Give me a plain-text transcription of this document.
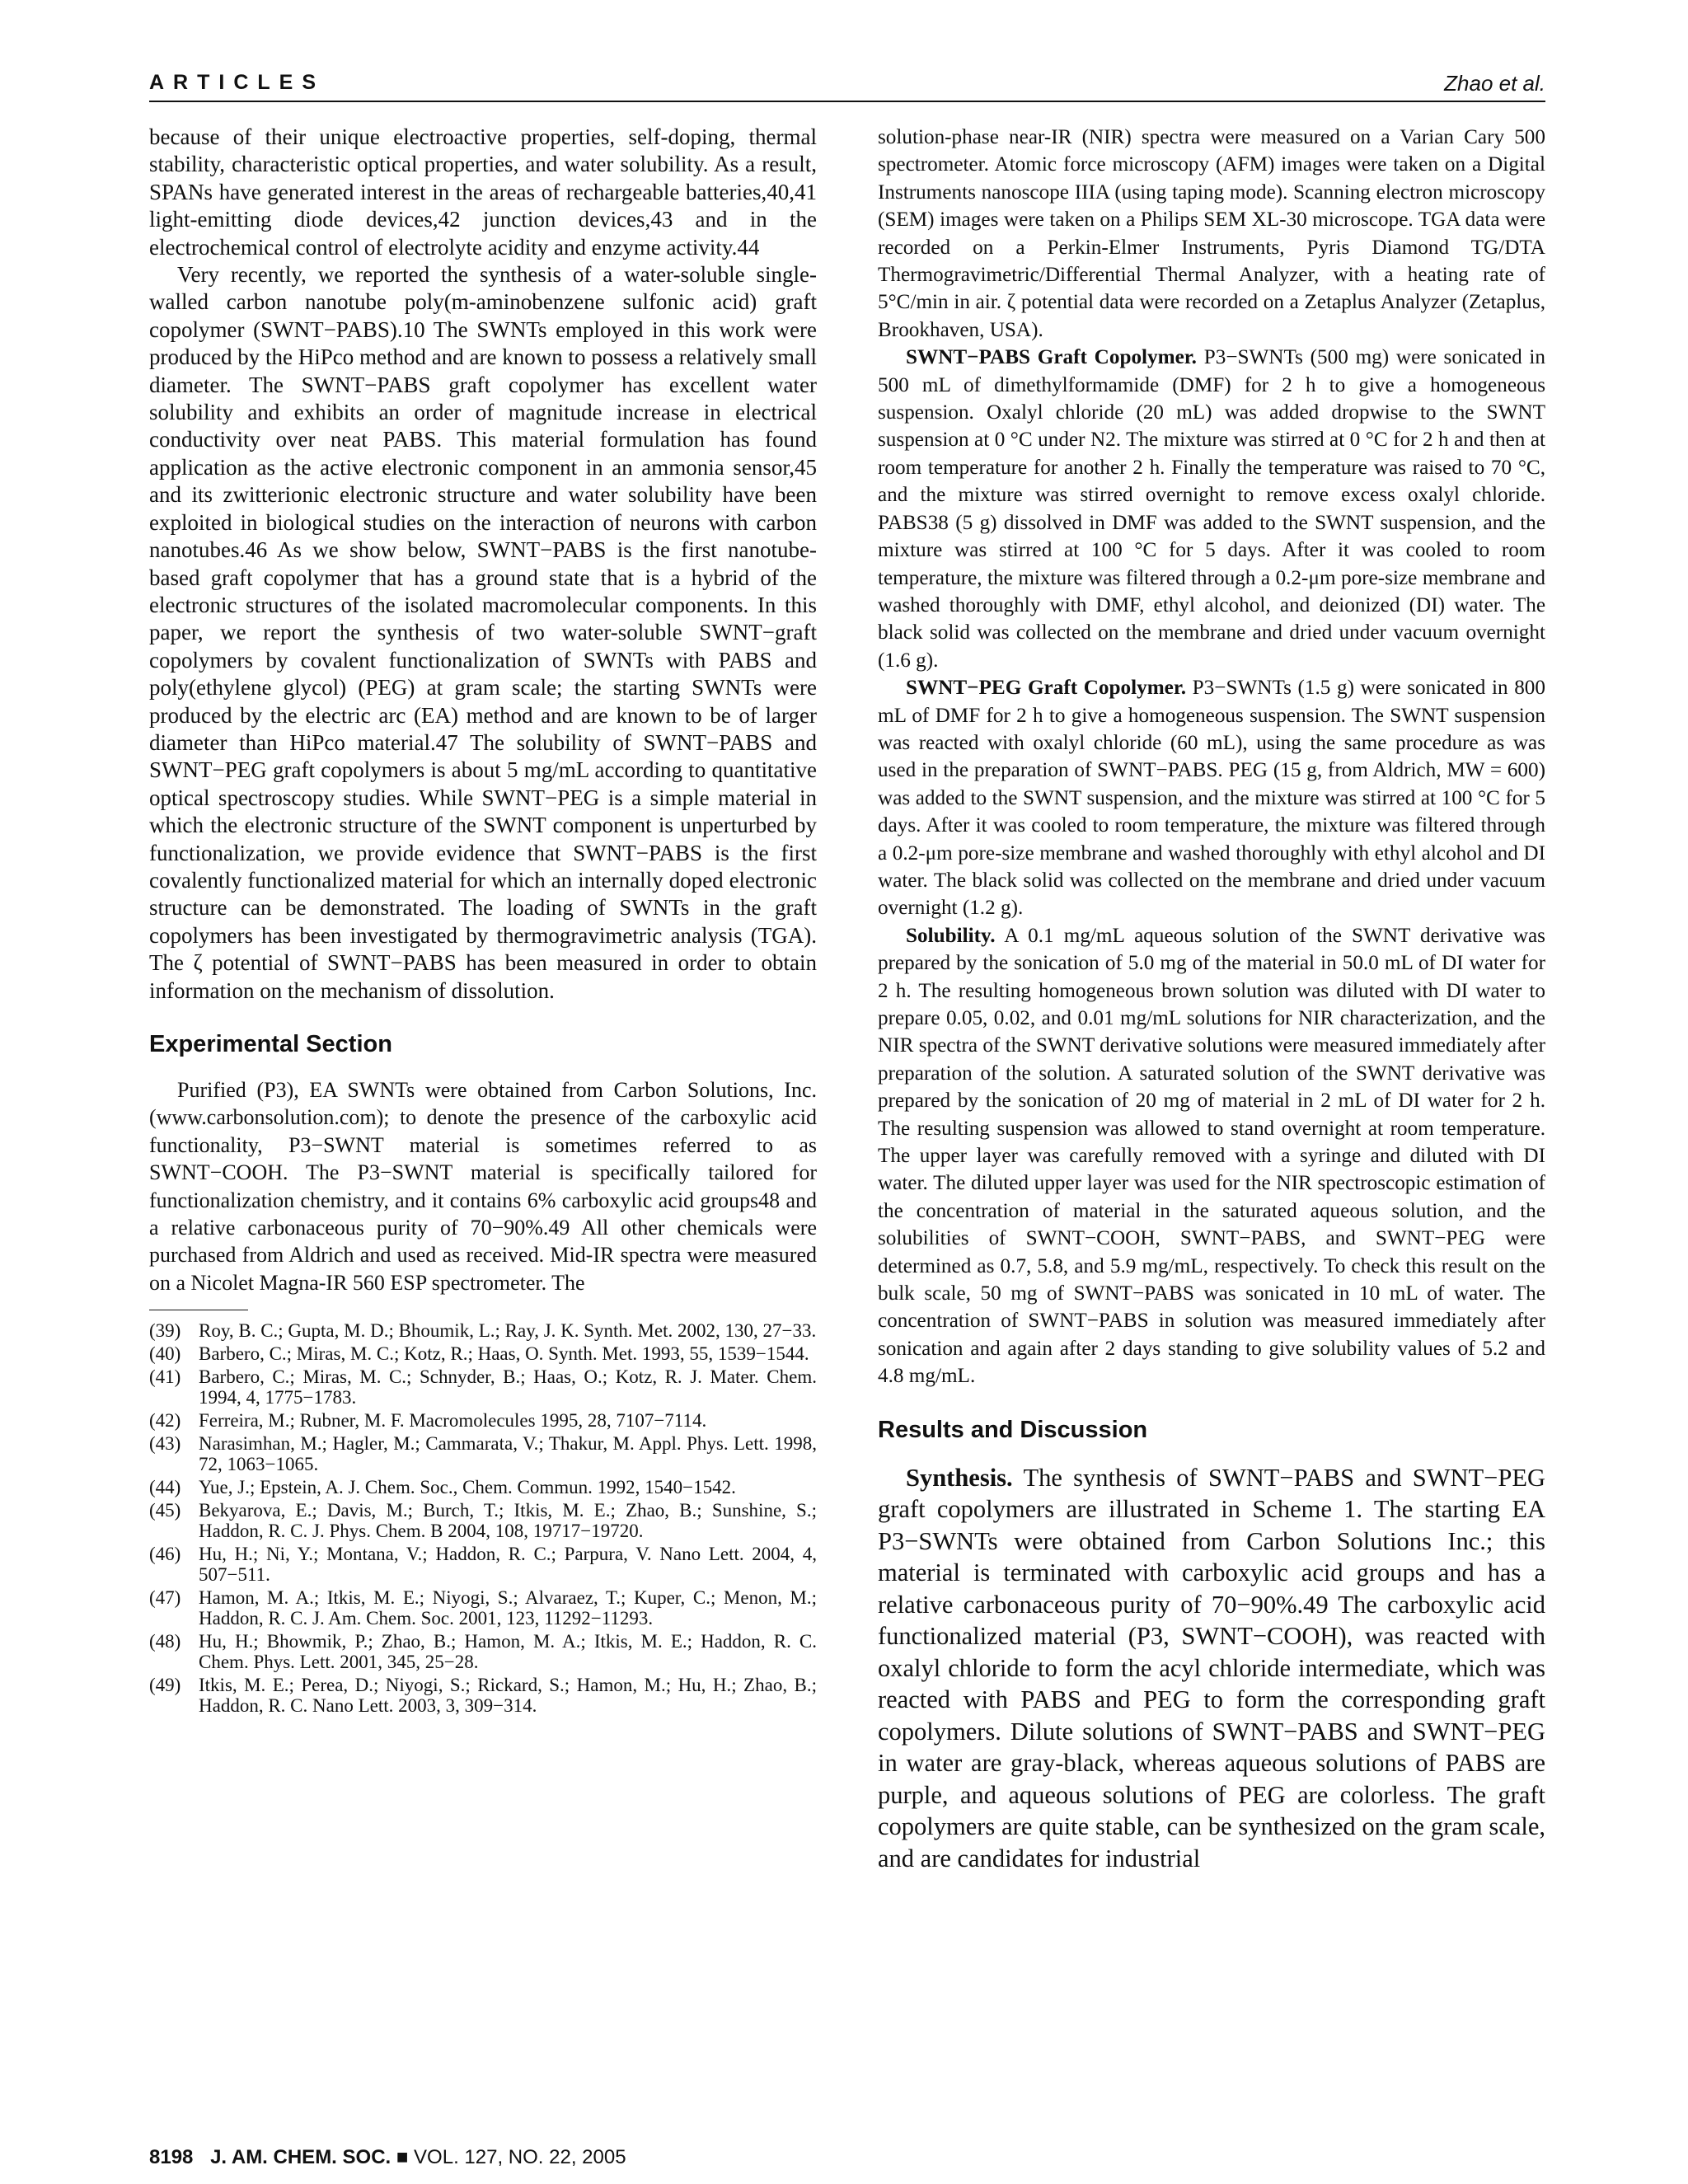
ARTICLES	Zhao et al.

because of their unique electroactive properties, self-doping, thermal stability, characteristic optical properties, and water solubility. As a result, SPANs have generated interest in the areas of rechargeable batteries,40,41 light-emitting diode devices,42 junction devices,43 and in the electrochemical control of electrolyte acidity and enzyme activity.44

Very recently, we reported the synthesis of a water-soluble single-walled carbon nanotube poly(m-aminobenzene sulfonic acid) graft copolymer (SWNT−PABS).10 The SWNTs employed in this work were produced by the HiPco method and are known to possess a relatively small diameter. The SWNT−PABS graft copolymer has excellent water solubility and exhibits an order of magnitude increase in electrical conductivity over neat PABS. This material formulation has found application as the active electronic component in an ammonia sensor,45 and its zwitterionic electronic structure and water solubility have been exploited in biological studies on the interaction of neurons with carbon nanotubes.46 As we show below, SWNT−PABS is the first nanotube-based graft copolymer that has a ground state that is a hybrid of the electronic structures of the isolated macromolecular components. In this paper, we report the synthesis of two water-soluble SWNT−graft copolymers by covalent functionalization of SWNTs with PABS and poly(ethylene glycol) (PEG) at gram scale; the starting SWNTs were produced by the electric arc (EA) method and are known to be of larger diameter than HiPco material.47 The solubility of SWNT−PABS and SWNT−PEG graft copolymers is about 5 mg/mL according to quantitative optical spectroscopy studies. While SWNT−PEG is a simple material in which the electronic structure of the SWNT component is unperturbed by functionalization, we provide evidence that SWNT−PABS is the first covalently functionalized material for which an internally doped electronic structure can be demonstrated. The loading of SWNTs in the graft copolymers has been investigated by thermogravimetric analysis (TGA). The ζ potential of SWNT−PABS has been measured in order to obtain information on the mechanism of dissolution.

Experimental Section

Purified (P3), EA SWNTs were obtained from Carbon Solutions, Inc. (www.carbonsolution.com); to denote the presence of the carboxylic acid functionality, P3−SWNT material is sometimes referred to as SWNT−COOH. The P3−SWNT material is specifically tailored for functionalization chemistry, and it contains 6% carboxylic acid groups48 and a relative carbonaceous purity of 70−90%.49 All other chemicals were purchased from Aldrich and used as received. Mid-IR spectra were measured on a Nicolet Magna-IR 560 ESP spectrometer. The

(39) Roy, B. C.; Gupta, M. D.; Bhoumik, L.; Ray, J. K. Synth. Met. 2002, 130, 27−33.
(40) Barbero, C.; Miras, M. C.; Kotz, R.; Haas, O. Synth. Met. 1993, 55, 1539−1544.
(41) Barbero, C.; Miras, M. C.; Schnyder, B.; Haas, O.; Kotz, R. J. Mater. Chem. 1994, 4, 1775−1783.
(42) Ferreira, M.; Rubner, M. F. Macromolecules 1995, 28, 7107−7114.
(43) Narasimhan, M.; Hagler, M.; Cammarata, V.; Thakur, M. Appl. Phys. Lett. 1998, 72, 1063−1065.
(44) Yue, J.; Epstein, A. J. Chem. Soc., Chem. Commun. 1992, 1540−1542.
(45) Bekyarova, E.; Davis, M.; Burch, T.; Itkis, M. E.; Zhao, B.; Sunshine, S.; Haddon, R. C. J. Phys. Chem. B 2004, 108, 19717−19720.
(46) Hu, H.; Ni, Y.; Montana, V.; Haddon, R. C.; Parpura, V. Nano Lett. 2004, 4, 507−511.
(47) Hamon, M. A.; Itkis, M. E.; Niyogi, S.; Alvaraez, T.; Kuper, C.; Menon, M.; Haddon, R. C. J. Am. Chem. Soc. 2001, 123, 11292−11293.
(48) Hu, H.; Bhowmik, P.; Zhao, B.; Hamon, M. A.; Itkis, M. E.; Haddon, R. C. Chem. Phys. Lett. 2001, 345, 25−28.
(49) Itkis, M. E.; Perea, D.; Niyogi, S.; Rickard, S.; Hamon, M.; Hu, H.; Zhao, B.; Haddon, R. C. Nano Lett. 2003, 3, 309−314.

solution-phase near-IR (NIR) spectra were measured on a Varian Cary 500 spectrometer. Atomic force microscopy (AFM) images were taken on a Digital Instruments nanoscope IIIA (using taping mode). Scanning electron microscopy (SEM) images were taken on a Philips SEM XL-30 microscope. TGA data were recorded on a Perkin-Elmer Instruments, Pyris Diamond TG/DTA Thermogravimetric/Differential Thermal Analyzer, with a heating rate of 5°C/min in air. ζ potential data were recorded on a Zetaplus Analyzer (Zetaplus, Brookhaven, USA).

SWNT−PABS Graft Copolymer. P3−SWNTs (500 mg) were sonicated in 500 mL of dimethylformamide (DMF) for 2 h to give a homogeneous suspension. Oxalyl chloride (20 mL) was added dropwise to the SWNT suspension at 0 °C under N2. The mixture was stirred at 0 °C for 2 h and then at room temperature for another 2 h. Finally the temperature was raised to 70 °C, and the mixture was stirred overnight to remove excess oxalyl chloride. PABS38 (5 g) dissolved in DMF was added to the SWNT suspension, and the mixture was stirred at 100 °C for 5 days. After it was cooled to room temperature, the mixture was filtered through a 0.2-μm pore-size membrane and washed thoroughly with DMF, ethyl alcohol, and deionized (DI) water. The black solid was collected on the membrane and dried under vacuum overnight (1.6 g).

SWNT−PEG Graft Copolymer. P3−SWNTs (1.5 g) were sonicated in 800 mL of DMF for 2 h to give a homogeneous suspension. The SWNT suspension was reacted with oxalyl chloride (60 mL), using the same procedure as was used in the preparation of SWNT−PABS. PEG (15 g, from Aldrich, MW = 600) was added to the SWNT suspension, and the mixture was stirred at 100 °C for 5 days. After it was cooled to room temperature, the mixture was filtered through a 0.2-μm pore-size membrane and washed thoroughly with ethyl alcohol and DI water. The black solid was collected on the membrane and dried under vacuum overnight (1.2 g).

Solubility. A 0.1 mg/mL aqueous solution of the SWNT derivative was prepared by the sonication of 5.0 mg of the material in 50.0 mL of DI water for 2 h. The resulting homogeneous brown solution was diluted with DI water to prepare 0.05, 0.02, and 0.01 mg/mL solutions for NIR characterization, and the NIR spectra of the SWNT derivative solutions were measured immediately after preparation of the solution. A saturated solution of the SWNT derivative was prepared by the sonication of 20 mg of material in 2 mL of DI water for 2 h. The resulting suspension was allowed to stand overnight at room temperature. The upper layer was carefully removed with a syringe and diluted with DI water. The diluted upper layer was used for the NIR spectroscopic estimation of the concentration of material in the saturated aqueous solution, and the solubilities of SWNT−COOH, SWNT−PABS, and SWNT−PEG were determined as 0.7, 5.8, and 5.9 mg/mL, respectively. To check this result on the bulk scale, 50 mg of SWNT−PABS was sonicated in 10 mL of water. The concentration of SWNT−PABS in solution was measured immediately after sonication and again after 2 days standing to give solubility values of 5.2 and 4.8 mg/mL.

Results and Discussion

Synthesis. The synthesis of SWNT−PABS and SWNT−PEG graft copolymers are illustrated in Scheme 1. The starting EA P3−SWNTs were obtained from Carbon Solutions Inc.; this material is terminated with carboxylic acid groups and has a relative carbonaceous purity of 70−90%.49 The carboxylic acid functionalized material (P3, SWNT−COOH), was reacted with oxalyl chloride to form the acyl chloride intermediate, which was reacted with PABS and PEG to form the corresponding graft copolymers. Dilute solutions of SWNT−PABS and SWNT−PEG in water are gray-black, whereas aqueous solutions of PABS are purple, and aqueous solutions of PEG are colorless. The graft copolymers are quite stable, can be synthesized on the gram scale, and are candidates for industrial

8198 J. AM. CHEM. SOC. ■ VOL. 127, NO. 22, 2005
